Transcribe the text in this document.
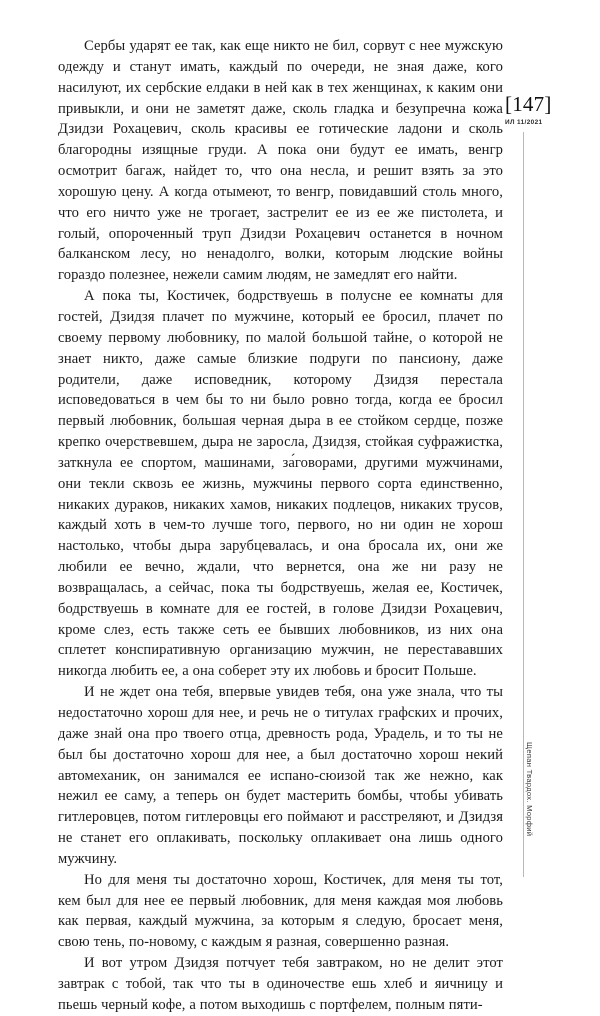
Сербы ударят ее так, как еще никто не бил, сорвут с нее мужскую одежду и станут имать, каждый по очереди, не зная даже, кого насилуют, их сербские елдаки в ней как в тех женщинах, к каким они привыкли, и они не заметят даже, сколь гладка и безупречна кожа Дзидзи Рохацевич, сколь красивы ее готические ладони и сколь благородны изящные груди. А пока они будут ее имать, венгр осмотрит багаж, найдет то, что она несла, и решит взять за это хорошую цену. А когда отымеют, то венгр, повидавший столь много, что его ничто уже не трогает, застрелит ее из ее же пистолета, и голый, опороченный труп Дзидзи Рохацевич останется в ночном балканском лесу, но ненадолго, волки, которым людские войны гораздо полезнее, нежели самим людям, не замедлят его найти.

А пока ты, Костичек, бодрствуешь в полусне ее комнаты для гостей, Дзидзя плачет по мужчине, который ее бросил, плачет по своему первому любовнику, по малой большой тайне, о которой не знает никто, даже самые близкие подруги по пансиону, даже родители, даже исповедник, которому Дзидзя перестала исповедоваться в чем бы то ни было ровно тогда, когда ее бросил первый любовник, большая черная дыра в ее стойком сердце, позже крепко очерствевшем, дыра не заросла, Дзидзя, стойкая суфражистка, заткнула ее спортом, машинами, за́говорами, другими мужчинами, они текли сквозь ее жизнь, мужчины первого сорта единственно, никаких дураков, никаких хамов, никаких подлецов, никаких трусов, каждый хоть в чем-то лучше того, первого, но ни один не хорош настолько, чтобы дыра зарубцевалась, и она бросала их, они же любили ее вечно, ждали, что вернется, она же ни разу не возвращалась, а сейчас, пока ты бодрствуешь, желая ее, Костичек, бодрствуешь в комнате для ее гостей, в голове Дзидзи Рохацевич, кроме слез, есть также сеть ее бывших любовников, из них она сплетет конспиративную организацию мужчин, не перестававших никогда любить ее, а она соберет эту их любовь и бросит Польше.

И не ждет она тебя, впервые увидев тебя, она уже знала, что ты недостаточно хорош для нее, и речь не о титулах графских и прочих, даже знай она про твоего отца, древность рода, Урадель, и то ты не был бы достаточно хорош для нее, а был достаточно хорош некий автомеханик, он занимался ее испано-сюизой так же нежно, как нежил ее саму, а теперь он будет мастерить бомбы, чтобы убивать гитлеровцев, потом гитлеровцы его поймают и расстреляют, и Дзидзя не станет его оплакивать, поскольку оплакивает она лишь одного мужчину.

Но для меня ты достаточно хорош, Костичек, для меня ты тот, кем был для нее ее первый любовник, для меня каждая моя любовь как первая, каждый мужчина, за которым я следую, бросает меня, свою тень, по-новому, с каждым я разная, совершенно разная.

И вот утром Дзидзя потчует тебя завтраком, но не делит этот завтрак с тобой, так что ты в одиночестве ешь хлеб и яичницу и пьешь черный кофе, а потом выходишь с портфелем, полным пяти-

[147]
ИЛ 11/2021
Щепан Твардох. Морфий
